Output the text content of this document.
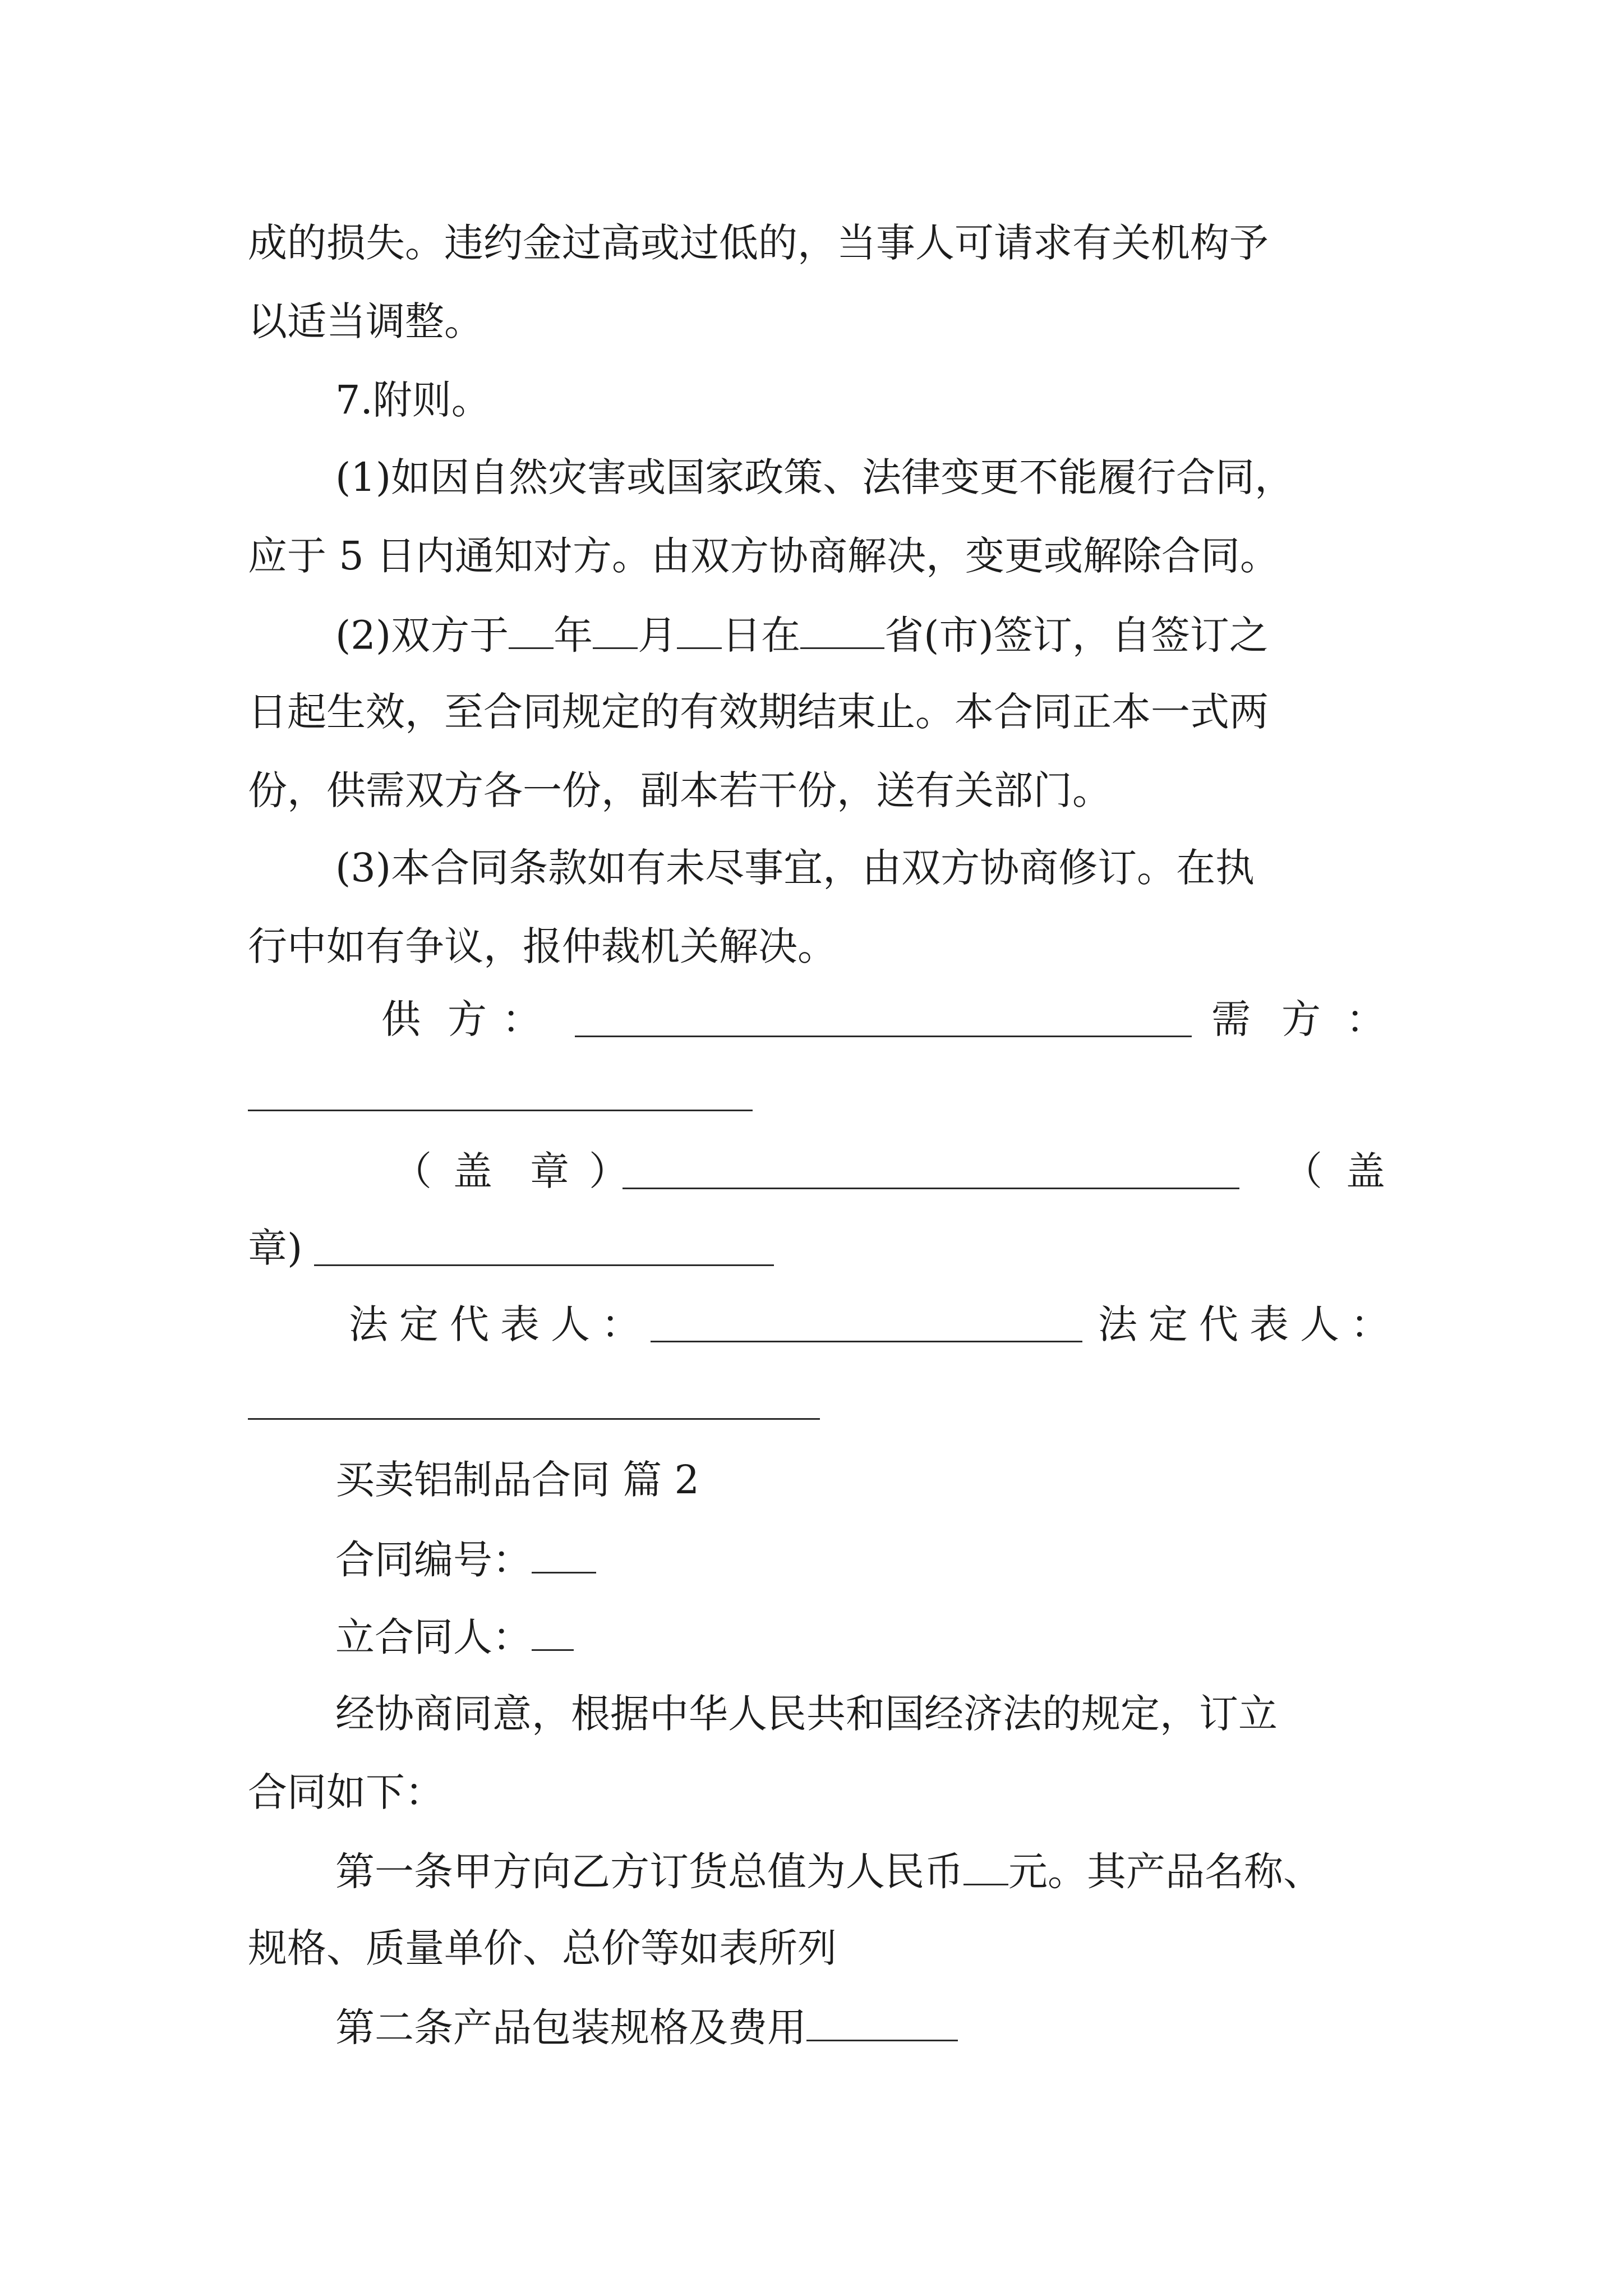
成的损失。违约金过高或过低的，当事人可请求有关机构予

以适当调整。

7.附则。

(1)如因自然灾害或国家政策、法律变更不能履行合同，

应于 5 日内通知对方。由双方协商解决，变更或解除合同。

(2)双方于 年 月 日在 省(市)签订，自签订之

日起生效，至合同规定的有效期结束止。本合同正本一式两

份，供需双方各一份，副本若干份，送有关部门。

(3)本合同条款如有未尽事宜，由双方协商修订。在执

行中如有争议，报仲裁机关解决。

供 方 ：	需 方 ：
（ 盖 章 ）	（ 盖
章)
法 定 代 表 人 ：	法 定 代 表 人 ：

买卖铝制品合同 篇 2

合同编号：

立合同人：

经协商同意，根据中华人民共和国经济法的规定，订立

合同如下：

第一条甲方向乙方订货总值为人民币 元。其产品名称、

规格、质量单价、总价等如表所列

第二条产品包装规格及费用
